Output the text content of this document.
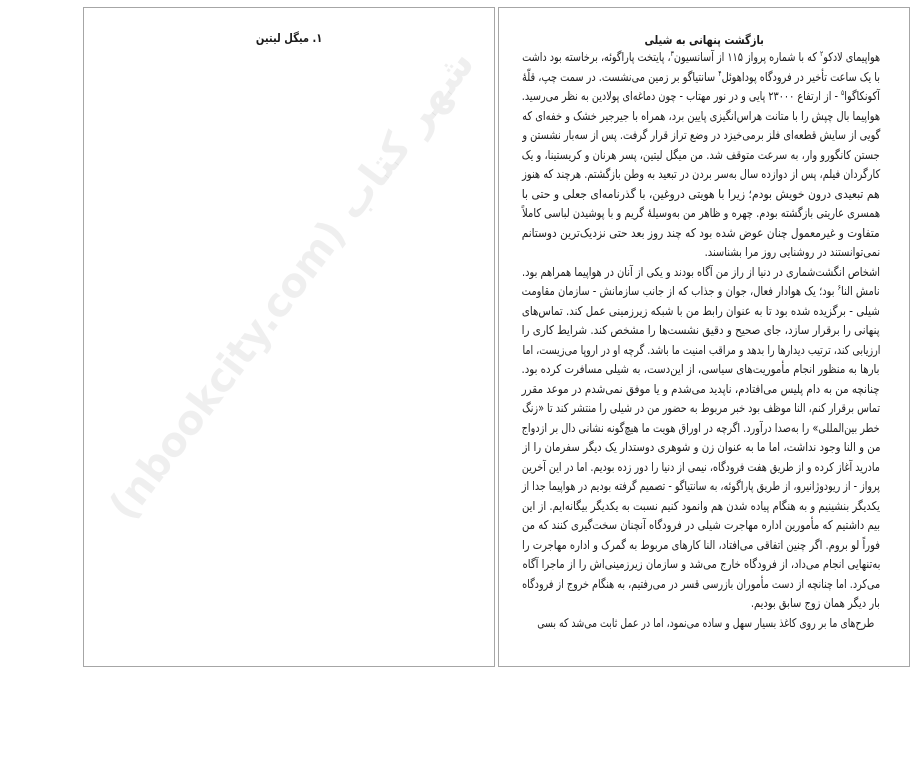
۱. میگل لیتین
شهر کتاب (nbookcity.com)
بازگشت پنهانی به شیلی
هواپیمای لادکو$^۲$ که با شماره پرواز ۱۱۵ از آسانسیون$^۳$، پایتخت پاراگوئه، برخاسته بود داشت
با یک ساعت تأخیر در فرودگاه پوداهوئل$^۴$ سانتیاگو بر زمین می‌نشست. در سمت چپ، قلّهٔ
آکونکاگوا$^۵$ - از ارتفاع ۲۳۰۰۰ پایی و در نور مهتاب - چون دماغه‌ای پولادین به نظر می‌رسید.
هواپیما بال چپش را با متانت هراس‌انگیزی پایین برد، همراه با جیرجیر خشک و خفه‌ای که
گویی از سایش قطعه‌ای فلز برمی‌خیزد در وضع تراز قرار گرفت. پس از سه‌بار نشستن و
جستن کانگورو وار، به سرعت متوقف شد. من میگل لیتین، پسر هرنان و کریستینا، و یک
کارگردان فیلم، پس از دوازده سال به‌سر بردن در تبعید به وطن بازگشتم. هرچند که هنوز
هم تبعیدی درون خویش بودم؛ زیرا با هویتی دروغین، با گذرنامه‌ای جعلی و حتی با
همسری عاریتی بازگشته بودم. چهره و ظاهر من به‌وسیلهٔ گریم و با پوشیدن لباسی کاملاً
متفاوت و غیرمعمول چنان عوض شده بود که چند روز بعد حتی نزدیک‌ترین دوستانم
نمی‌توانستند در روشنایی روز مرا بشناسند.
اشخاص انگشت‌شماری در دنیا از راز من آگاه بودند و یکی از آنان در هواپیما همراهم بود.
نامش النا$^۶$ بود؛ یک هوادار فعال، جوان و جذاب که از جانب سازمانش - سازمان مقاومت
شیلی - برگزیده شده بود تا به عنوان رابط من با شبکه زیرزمینی عمل کند. تماس‌های
پنهانی را برقرار سازد، جای صحیح و دقیق نشست‌ها را مشخص کند. شرایط کاری را
ارزیابی کند، ترتیب دیدارها را بدهد و مراقب امنیت ما باشد. گرچه او در اروپا می‌زیست، اما
بارها به منظور انجام مأموریت‌های سیاسی، از این‌دست، به شیلی مسافرت کرده بود.
چنانچه من به دام پلیس می‌افتادم، ناپدید می‌شدم و یا موفق نمی‌شدم در موعد مقرر
تماس برقرار کنم، النا موظف بود خبر مربوط به حضور من در شیلی را منتشر کند تا «زنگ
خطر بین‌المللی» را به‌صدا درآورد. اگرچه در اوراق هویت ما هیچ‌گونه نشانی دال بر ازدواج
من و النا وجود نداشت، اما ما به عنوان زن و شوهری دوستدار یک دیگر سفرمان را از
مادرید آغاز کرده و از طریق هفت فرودگاه، نیمی از دنیا را دور زده بودیم. اما در این آخرین
پرواز - از ریودوژانیرو، از طریق پاراگوئه، به سانتیاگو - تصمیم گرفته بودیم در هواپیما جدا از
یکدیگر بنشینیم و به هنگام پیاده شدن هم وانمود کنیم نسبت به یکدیگر بیگانه‌ایم. از این
بیم داشتیم که مأمورین اداره مهاجرت شیلی در فرودگاه آنچنان سخت‌گیری کنند که من
فوراً لو بروم. اگر چنین اتفاقی می‌افتاد، النا کارهای مربوط به گمرک و اداره مهاجرت را
به‌تنهایی انجام می‌داد، از فرودگاه خارج می‌شد و سازمان زیرزمینی‌اش را از ماجرا آگاه
می‌کرد. اما چنانچه از دست مأموران بازرسی قسر در می‌رفتیم، به هنگام خروج از فرودگاه
بار دیگر همان زوج سابق بودیم.
طرح‌های ما بر روی کاغذ بسیار سهل و ساده می‌نمود، اما در عمل ثابت می‌شد که بسی
